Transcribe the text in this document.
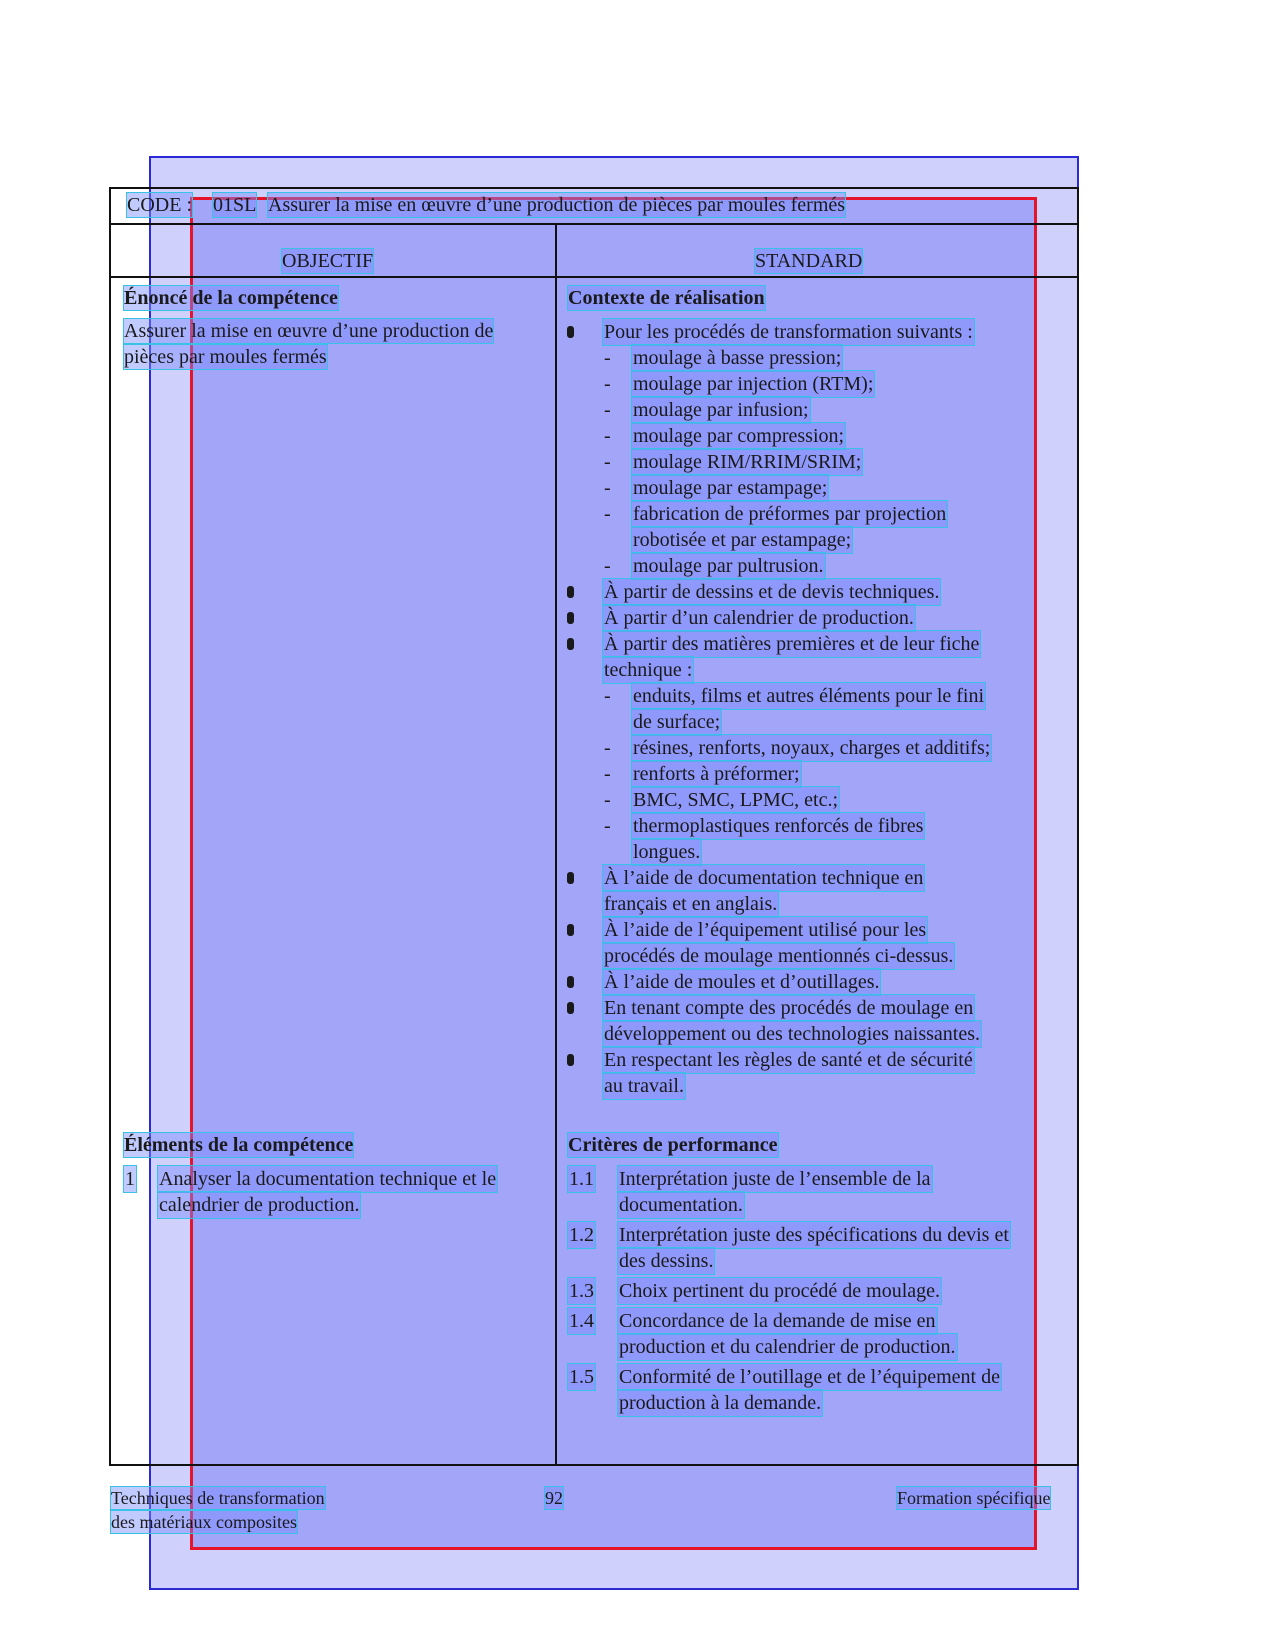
CODE : 01SL Assurer la mise en œuvre d’une production de pièces par moules fermés
OBJECTIF	STANDARD
Énoncé de la compétence
Assurer la mise en œuvre d’une production de
pièces par moules fermés
Contexte de réalisation
Pour les procédés de transformation suivants :
- moulage à basse pression;
- moulage par injection (RTM);
- moulage par infusion;
- moulage par compression;
- moulage RIM/RRIM/SRIM;
- moulage par estampage;
- fabrication de préformes par projection
robotisée et par estampage;
- moulage par pultrusion.
À partir de dessins et de devis techniques.
À partir d’un calendrier de production.
À partir des matières premières et de leur fiche
technique :
- enduits, films et autres éléments pour le fini
de surface;
- résines, renforts, noyaux, charges et additifs;
- renforts à préformer;
- BMC, SMC, LPMC, etc.;
- thermoplastiques renforcés de fibres
longues.
À l’aide de documentation technique en
français et en anglais.
À l’aide de l’équipement utilisé pour les
procédés de moulage mentionnés ci-dessus.
À l’aide de moules et d’outillages.
En tenant compte des procédés de moulage en
développement ou des technologies naissantes.
En respectant les règles de santé et de sécurité
au travail.
Éléments de la compétence
1 Analyser la documentation technique et le
calendrier de production.
Critères de performance
1.1 Interprétation juste de l’ensemble de la
documentation.
1.2 Interprétation juste des spécifications du devis et
des dessins.
1.3 Choix pertinent du procédé de moulage.
1.4 Concordance de la demande de mise en
production et du calendrier de production.
1.5 Conformité de l’outillage et de l’équipement de
production à la demande.
Techniques de transformation
des matériaux composites
92	Formation spécifique
